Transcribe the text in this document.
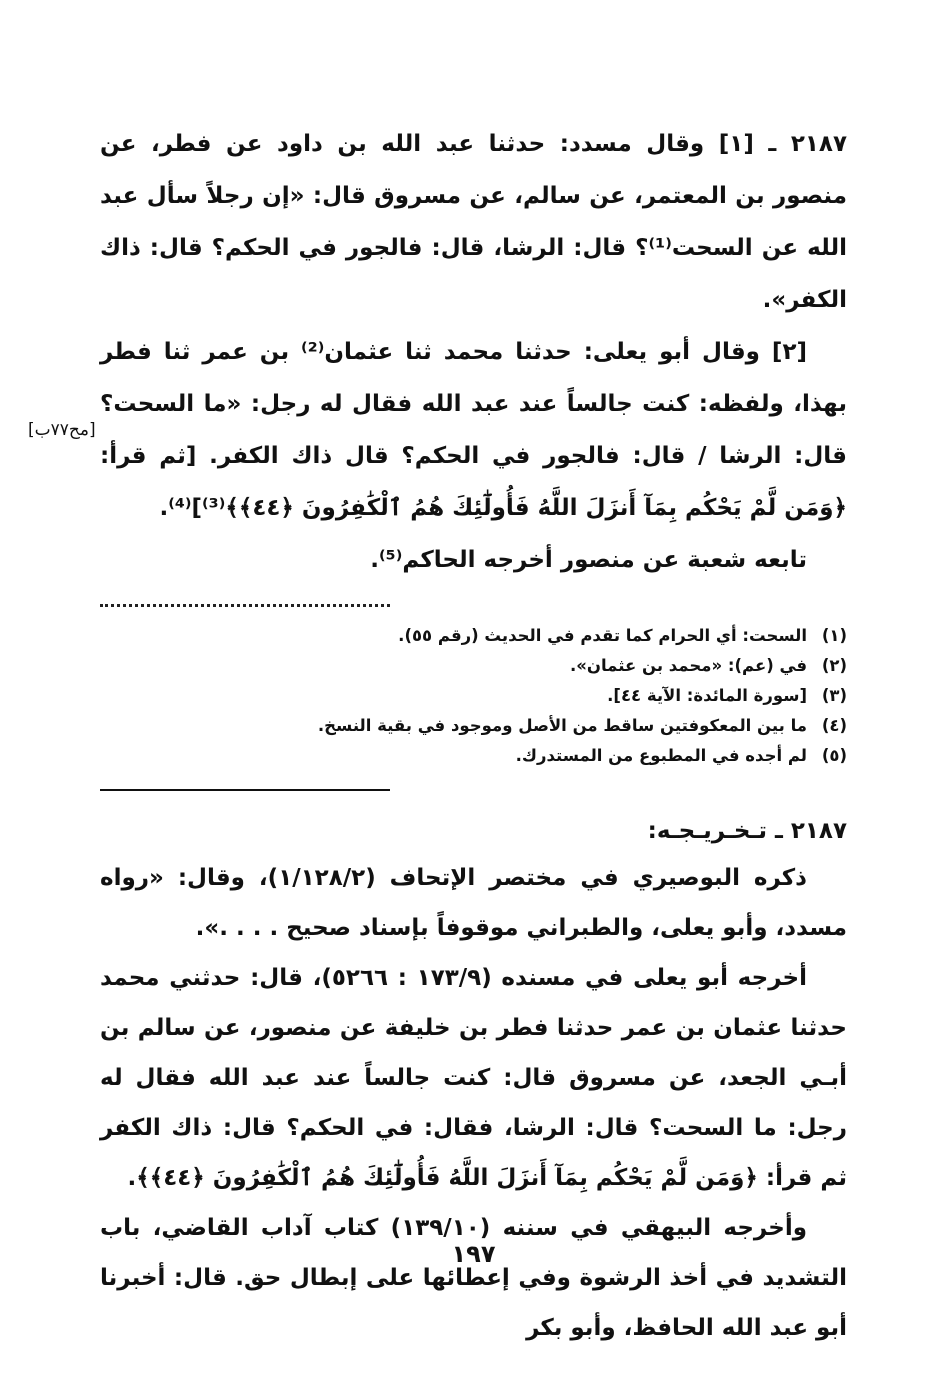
٢١٨٧ ـ [١] وقال مسدد: حدثنا عبد الله بن داود عن فطر، عن منصور بن المعتمر، عن سالم، عن مسروق قال: «إن رجلاً سأل عبد الله عن السحت⁽¹⁾؟ قال: الرشا، قال: فالجور في الحكم؟ قال: ذاك الكفر».

[٢] وقال أبو يعلى: حدثنا محمد ثنا عثمان⁽²⁾ بن عمر ثنا فطر بهذا، ولفظه: كنت جالساً عند عبد الله فقال له رجل: «ما السحت؟ قال: الرشا / قال: فالجور في الحكم؟ قال ذاك الكفر. [ثم قرأ: ﴿وَمَن لَّمْ يَحْكُم بِمَآ أَنزَلَ اللَّهُ فَأُولَٰٓئِكَ هُمُ ٱلْكَٰفِرُونَ ﴿٤٤﴾﴾⁽³⁾]⁽⁴⁾.

تابعه شعبة عن منصور أخرجه الحاكم⁽⁵⁾.

[مح٧٧ب]

(١)
السحت: أي الحرام كما تقدم في الحديث (رقم ٥٥).

(٢)
في (عم): «محمد بن عثمان».

(٣)
[سورة المائدة: الآية ٤٤].

(٤)
ما بين المعكوفتين ساقط من الأصل وموجود في بقية النسخ.

(٥)
لم أجده في المطبوع من المستدرك.

٢١٨٧ ـ تـخـريـجـه:

ذكره البوصيري في مختصر الإتحاف (١/١٢٨/٢)، وقال: «رواه مسدد، وأبو يعلى، والطبراني موقوفاً بإسناد صحيح . . . .».

أخرجه أبو يعلى في مسنده (١٧٣/٩ : ٥٢٦٦)، قال: حدثني محمد حدثنا عثمان بن عمر حدثنا فطر بن خليفة عن منصور، عن سالم بن أبـي الجعد، عن مسروق قال: كنت جالساً عند عبد الله فقال له رجل: ما السحت؟ قال: الرشا، فقال: في الحكم؟ قال: ذاك الكفر ثم قرأ: ﴿وَمَن لَّمْ يَحْكُم بِمَآ أَنزَلَ اللَّهُ فَأُولَٰٓئِكَ هُمُ ٱلْكَٰفِرُونَ ﴿٤٤﴾﴾.

وأخرجه البيهقي في سننه (١٣٩/١٠) كتاب آداب القاضي، باب التشديد في أخذ الرشوة وفي إعطائها على إبطال حق. قال: أخبرنا أبو عبد الله الحافظ، وأبو بكر

١٩٧
